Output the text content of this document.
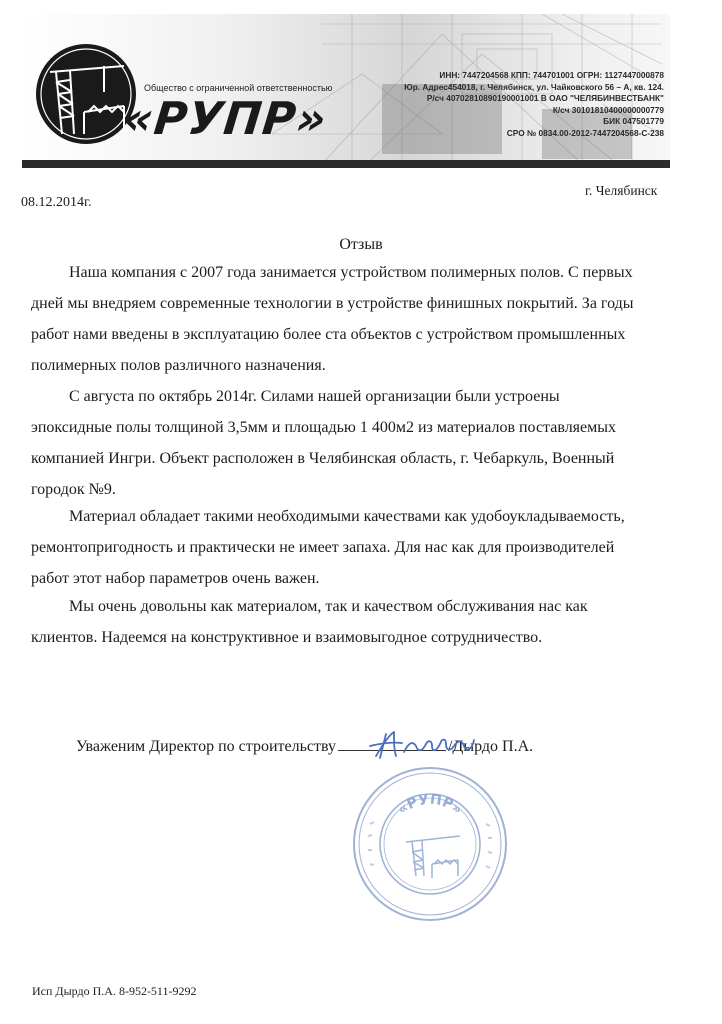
Общество с ограниченной ответственностью
«РУПР»
ИНН: 7447204568 КПП: 744701001 ОГРН: 1127447000878
Юр. Адрес454018, г. Челябинск, ул. Чайковского 56 – А, кв. 124.
Р/сч 40702810890190001001 В ОАО "ЧЕЛЯБИНВЕСТБАНК"
К/сч 30101810400000000779
БИК 047501779
СРО № 0834.00-2012-7447204568-С-238
08.12.2014г.
г. Челябинск
Отзыв
Наша компания с 2007 года занимается устройством полимерных полов. С первых
дней мы внедряем современные технологии в устройстве финишных покрытий. За годы
работ нами введены в эксплуатацию более ста объектов с устройством промышленных
полимерных полов различного назначения.
С августа по октябрь 2014г. Силами нашей организации были устроены
эпоксидные полы толщиной 3,5мм и площадью 1 400м2 из материалов поставляемых
компанией Ингри. Объект расположен в Челябинская область, г. Чебаркуль, Военный
городок №9.
Материал обладает такими необходимыми качествами как удобоукладываемость,
ремонтопригодность и практически не имеет запаха. Для нас как для производителей
работ этот набор параметров очень важен.
Мы очень довольны как материалом, так и качеством обслуживания нас как
клиентов. Надеемся на конструктивное и взаимовыгодное сотрудничество.
Уваженим Директор по строительству	/Дырдо П.А.
«РУПР»
Исп Дырдо П.А. 8-952-511-9292
